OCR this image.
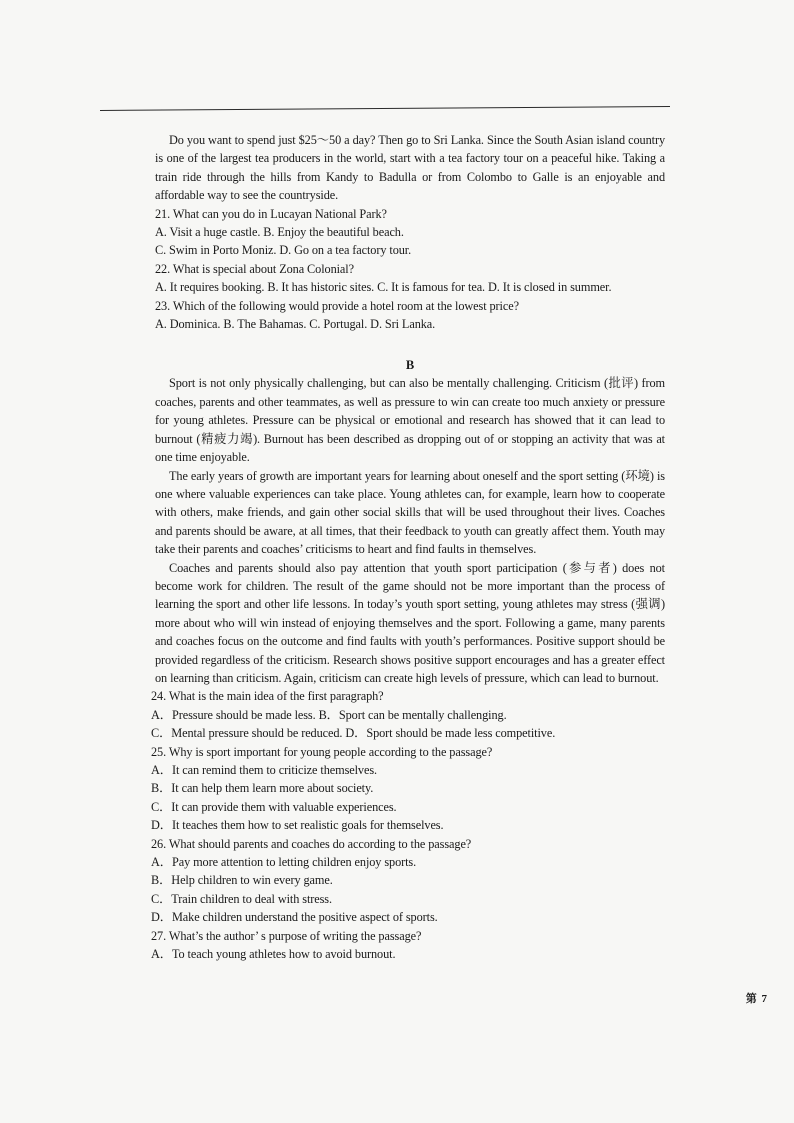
Do you want to spend just $25～50 a day? Then go to Sri Lanka. Since the South Asian island country is one of the largest tea producers in the world, start with a tea factory tour on a peaceful hike. Taking a train ride through the hills from Kandy to Badulla or from Colombo to Galle is an enjoyable and affordable way to see the countryside.

21. What can you do in Lucayan National Park?

A. Visit a huge castle. B. Enjoy the beautiful beach.

C. Swim in Porto Moniz. D. Go on a tea factory tour.

22. What is special about Zona Colonial?

A. It requires booking. B. It has historic sites. C. It is famous for tea. D. It is closed in summer.

23. Which of the following would provide a hotel room at the lowest price?

A. Dominica. B. The Bahamas. C. Portugal. D. Sri Lanka.

B

Sport is not only physically challenging, but can also be mentally challenging. Criticism (批评) from coaches, parents and other teammates, as well as pressure to win can create too much anxiety or pressure for young athletes. Pressure can be physical or emotional and research has showed that it can lead to burnout (精疲力竭). Burnout has been described as dropping out of or stopping an activity that was at one time enjoyable.

The early years of growth are important years for learning about oneself and the sport setting (环境) is one where valuable experiences can take place. Young athletes can, for example, learn how to cooperate with others, make friends, and gain other social skills that will be used throughout their lives. Coaches and parents should be aware, at all times, that their feedback to youth can greatly affect them. Youth may take their parents and coaches’ criticisms to heart and find faults in themselves.

Coaches and parents should also pay attention that youth sport participation (参与者) does not become work for children. The result of the game should not be more important than the process of learning the sport and other life lessons. In today’s youth sport setting, young athletes may stress (强调) more about who will win instead of enjoying themselves and the sport. Following a game, many parents and coaches focus on the outcome and find faults with youth’s performances. Positive support should be provided regardless of the criticism. Research shows positive support encourages and has a greater effect on learning than criticism. Again, criticism can create high levels of pressure, which can lead to burnout.

24. What is the main idea of the first paragraph?

A．Pressure should be made less. B．Sport can be mentally challenging.

C．Mental pressure should be reduced. D．Sport should be made less competitive.

25. Why is sport important for young people according to the passage?

A．It can remind them to criticize themselves.

B．It can help them learn more about society.

C．It can provide them with valuable experiences.

D．It teaches them how to set realistic goals for themselves.

26. What should parents and coaches do according to the passage?

A．Pay more attention to letting children enjoy sports.

B．Help children to win every game.

C．Train children to deal with stress.

D．Make children understand the positive aspect of sports.

27. What’s the author’ s purpose of writing the passage?

A．To teach young athletes how to avoid burnout.

第 7
